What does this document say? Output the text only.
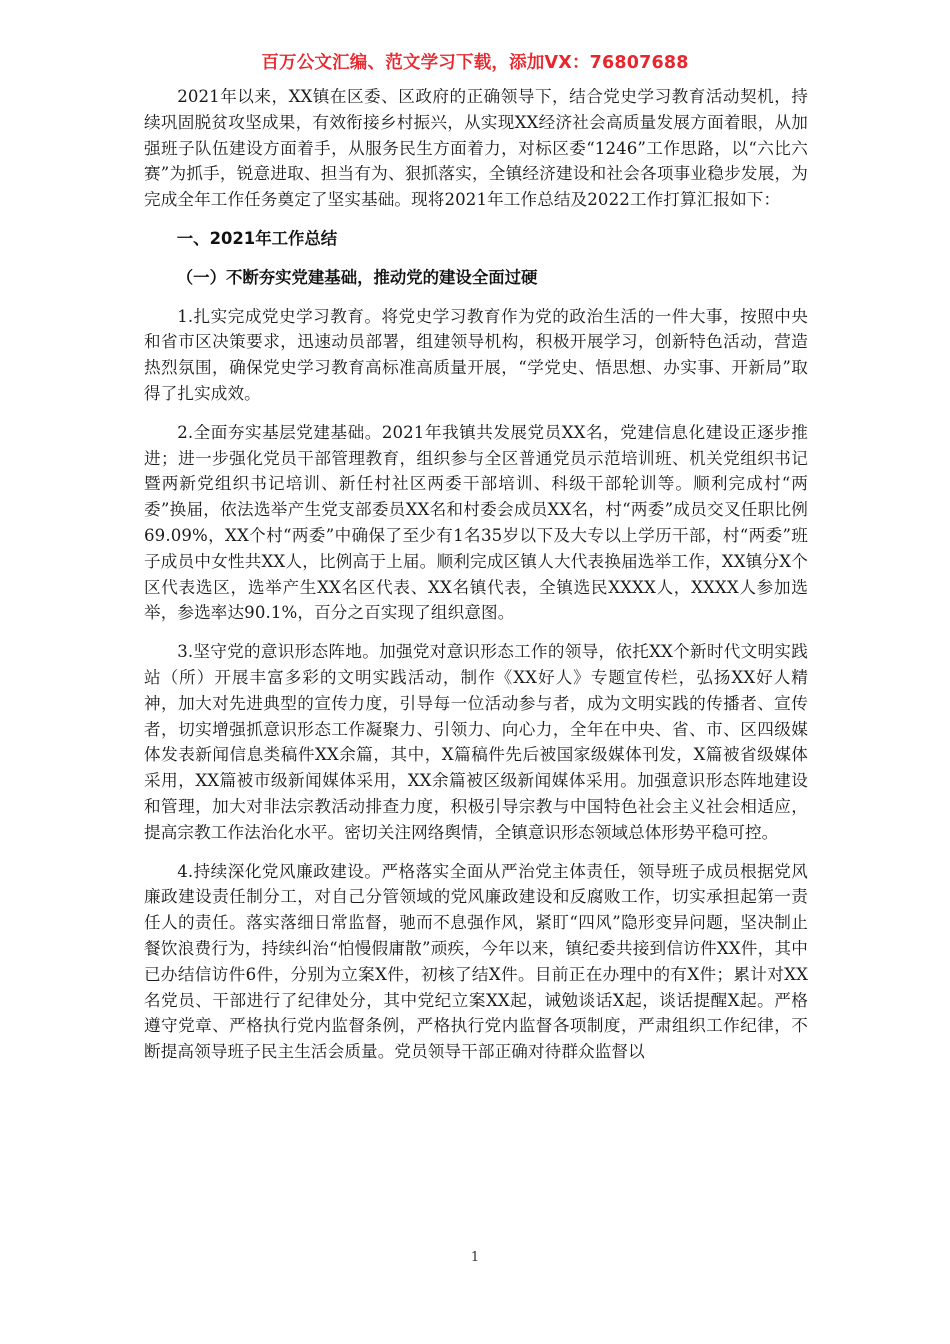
百万公文汇编、范文学习下载，添加VX：76807688

2021年以来，XX镇在区委、区政府的正确领导下，结合党史学习教育活动契机，持续巩固脱贫攻坚成果，有效衔接乡村振兴，从实现XX经济社会高质量发展方面着眼，从加强班子队伍建设方面着手，从服务民生方面着力，对标区委“1246”工作思路，以“六比六赛”为抓手，锐意进取、担当有为、狠抓落实，全镇经济建设和社会各项事业稳步发展，为完成全年工作任务奠定了坚实基础。现将2021年工作总结及2022工作打算汇报如下：

一、2021年工作总结

（一）不断夯实党建基础，推动党的建设全面过硬

1.扎实完成党史学习教育。将党史学习教育作为党的政治生活的一件大事，按照中央和省市区决策要求，迅速动员部署，组建领导机构，积极开展学习，创新特色活动，营造热烈氛围，确保党史学习教育高标准高质量开展，“学党史、悟思想、办实事、开新局”取得了扎实成效。

2.全面夯实基层党建基础。2021年我镇共发展党员XX名，党建信息化建设正逐步推进；进一步强化党员干部管理教育，组织参与全区普通党员示范培训班、机关党组织书记暨两新党组织书记培训、新任村社区两委干部培训、科级干部轮训等。顺利完成村“两委”换届，依法选举产生党支部委员XX名和村委会成员XX名，村“两委”成员交叉任职比例69.09%，XX个村“两委”中确保了至少有1名35岁以下及大专以上学历干部，村“两委”班子成员中女性共XX人，比例高于上届。顺利完成区镇人大代表换届选举工作，XX镇分X个区代表选区，选举产生XX名区代表、XX名镇代表，全镇选民XXXX人，XXXX人参加选举，参选率达90.1%，百分之百实现了组织意图。

3.坚守党的意识形态阵地。加强党对意识形态工作的领导，依托XX个新时代文明实践站（所）开展丰富多彩的文明实践活动，制作《XX好人》专题宣传栏，弘扬XX好人精神，加大对先进典型的宣传力度，引导每一位活动参与者，成为文明实践的传播者、宣传者，切实增强抓意识形态工作凝聚力、引领力、向心力，全年在中央、省、市、区四级媒体发表新闻信息类稿件XX余篇，其中，X篇稿件先后被国家级媒体刊发，X篇被省级媒体采用，XX篇被市级新闻媒体采用，XX余篇被区级新闻媒体采用。加强意识形态阵地建设和管理，加大对非法宗教活动排查力度，积极引导宗教与中国特色社会主义社会相适应，提高宗教工作法治化水平。密切关注网络舆情，全镇意识形态领域总体形势平稳可控。

4.持续深化党风廉政建设。严格落实全面从严治党主体责任，领导班子成员根据党风廉政建设责任制分工，对自己分管领域的党风廉政建设和反腐败工作，切实承担起第一责任人的责任。落实落细日常监督，驰而不息强作风，紧盯“四风”隐形变异问题，坚决制止餐饮浪费行为，持续纠治“怕慢假庸散”顽疾，今年以来，镇纪委共接到信访件XX件，其中已办结信访件6件，分别为立案X件，初核了结X件。目前正在办理中的有X件；累计对XX名党员、干部进行了纪律处分，其中党纪立案XX起，诫勉谈话X起，谈话提醒X起。严格遵守党章、严格执行党内监督条例，严格执行党内监督各项制度，严肃组织工作纪律，不断提高领导班子民主生活会质量。党员领导干部正确对待群众监督以

1
